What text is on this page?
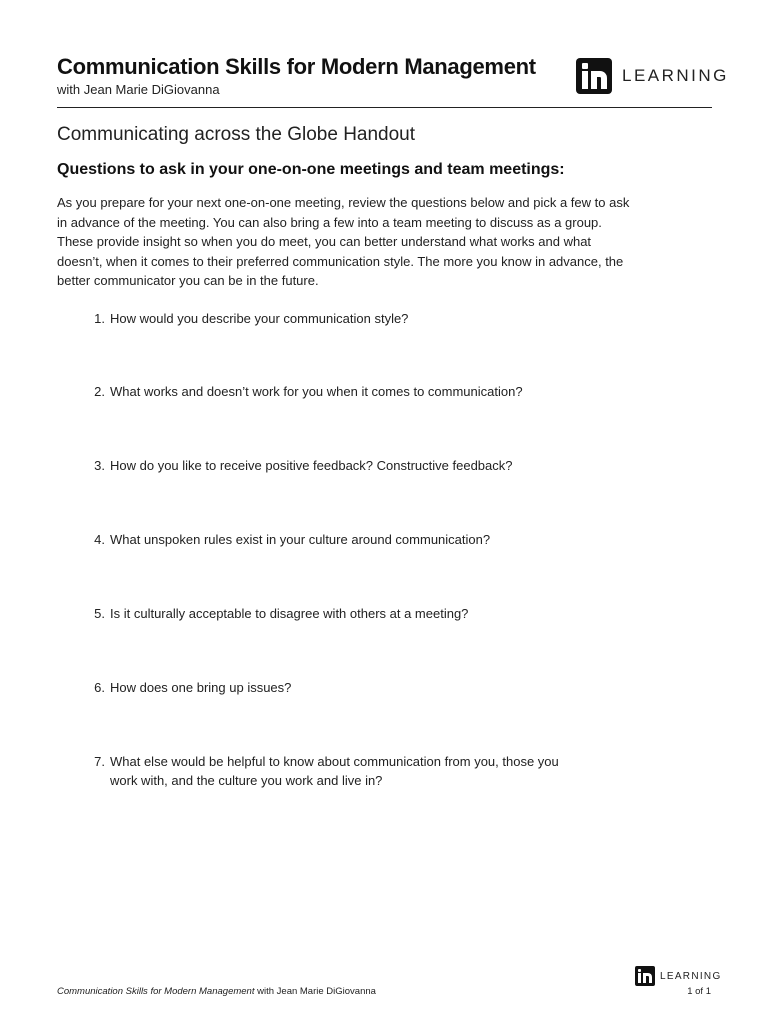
Communication Skills for Modern Management
with Jean Marie DiGiovanna
LEARNING
Communicating across the Globe Handout
Questions to ask in your one-on-one meetings and team meetings:

As you prepare for your next one-on-one meeting, review the questions below and pick a few to ask in advance of the meeting. You can also bring a few into a team meeting to discuss as a group. These provide insight so when you do meet, you can better understand what works and what doesn’t, when it comes to their preferred communication style. The more you know in advance, the better communicator you can be in the future.

1. How would you describe your communication style?
2. What works and doesn’t work for you when it comes to communication?
3. How do you like to receive positive feedback? Constructive feedback?
4. What unspoken rules exist in your culture around communication?
5. Is it culturally acceptable to disagree with others at a meeting?
6. How does one bring up issues?
7. What else would be helpful to know about communication from you, those you work with, and the culture you work and live in?
LEARNING
Communication Skills for Modern Management with Jean Marie DiGiovanna	1 of 1
